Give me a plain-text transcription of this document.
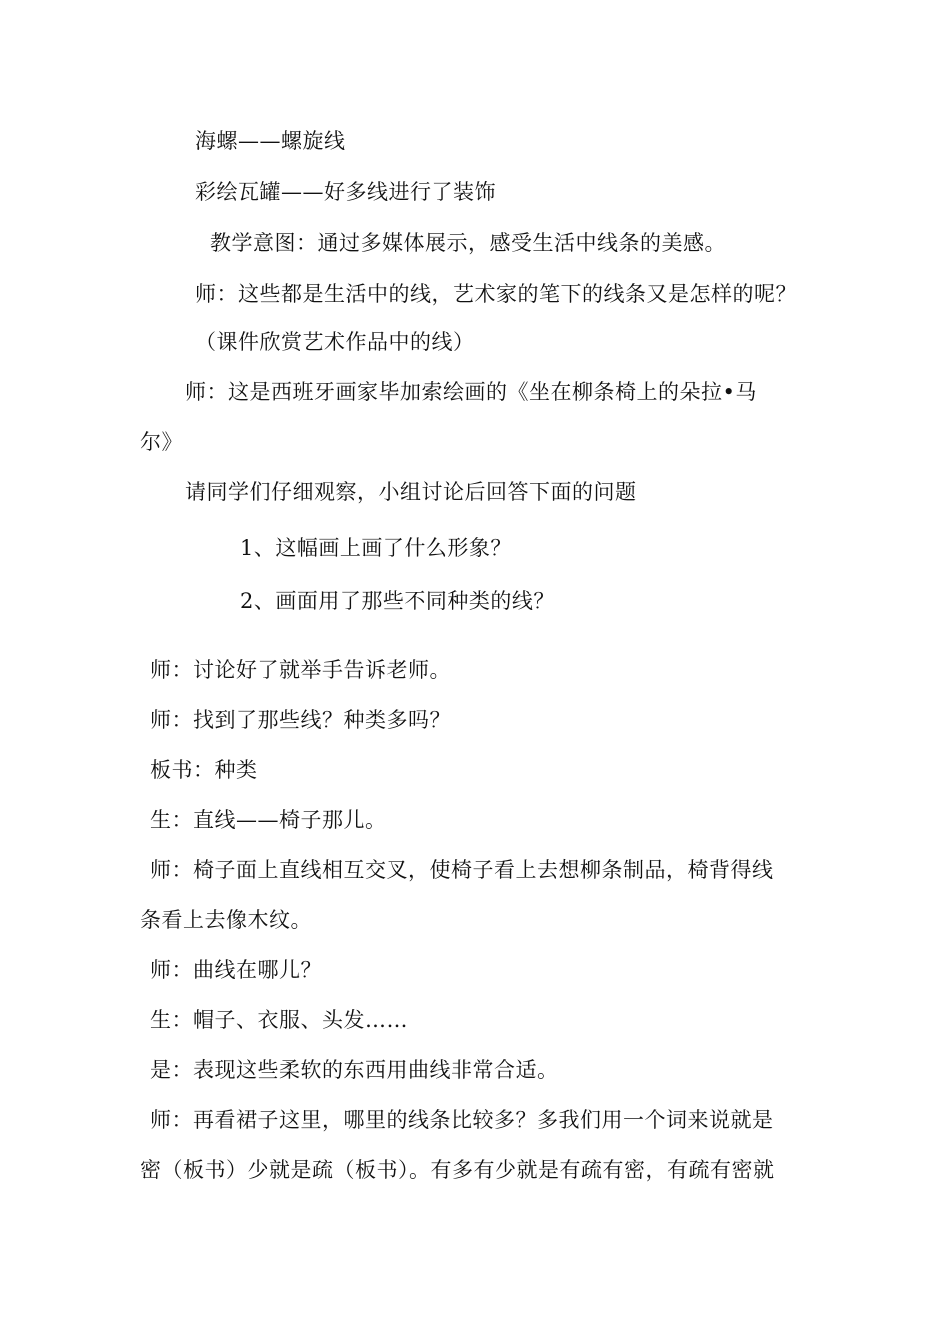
海螺——螺旋线
彩绘瓦罐——好多线进行了装饰
教学意图：通过多媒体展示，感受生活中线条的美感。
师：这些都是生活中的线，艺术家的笔下的线条又是怎样的呢？
（课件欣赏艺术作品中的线）
师：这是西班牙画家毕加索绘画的《坐在柳条椅上的朵拉•马
尔》
请同学们仔细观察，小组讨论后回答下面的问题
1、这幅画上画了什么形象？
2、画面用了那些不同种类的线？
师：讨论好了就举手告诉老师。
师：找到了那些线？种类多吗？
板书：种类
生：直线——椅子那儿。
师：椅子面上直线相互交叉，使椅子看上去想柳条制品，椅背得线
条看上去像木纹。
师：曲线在哪儿？
生：帽子、衣服、头发……
是：表现这些柔软的东西用曲线非常合适。
师：再看裙子这里，哪里的线条比较多？多我们用一个词来说就是
密（板书）少就是疏（板书）。有多有少就是有疏有密，有疏有密就
